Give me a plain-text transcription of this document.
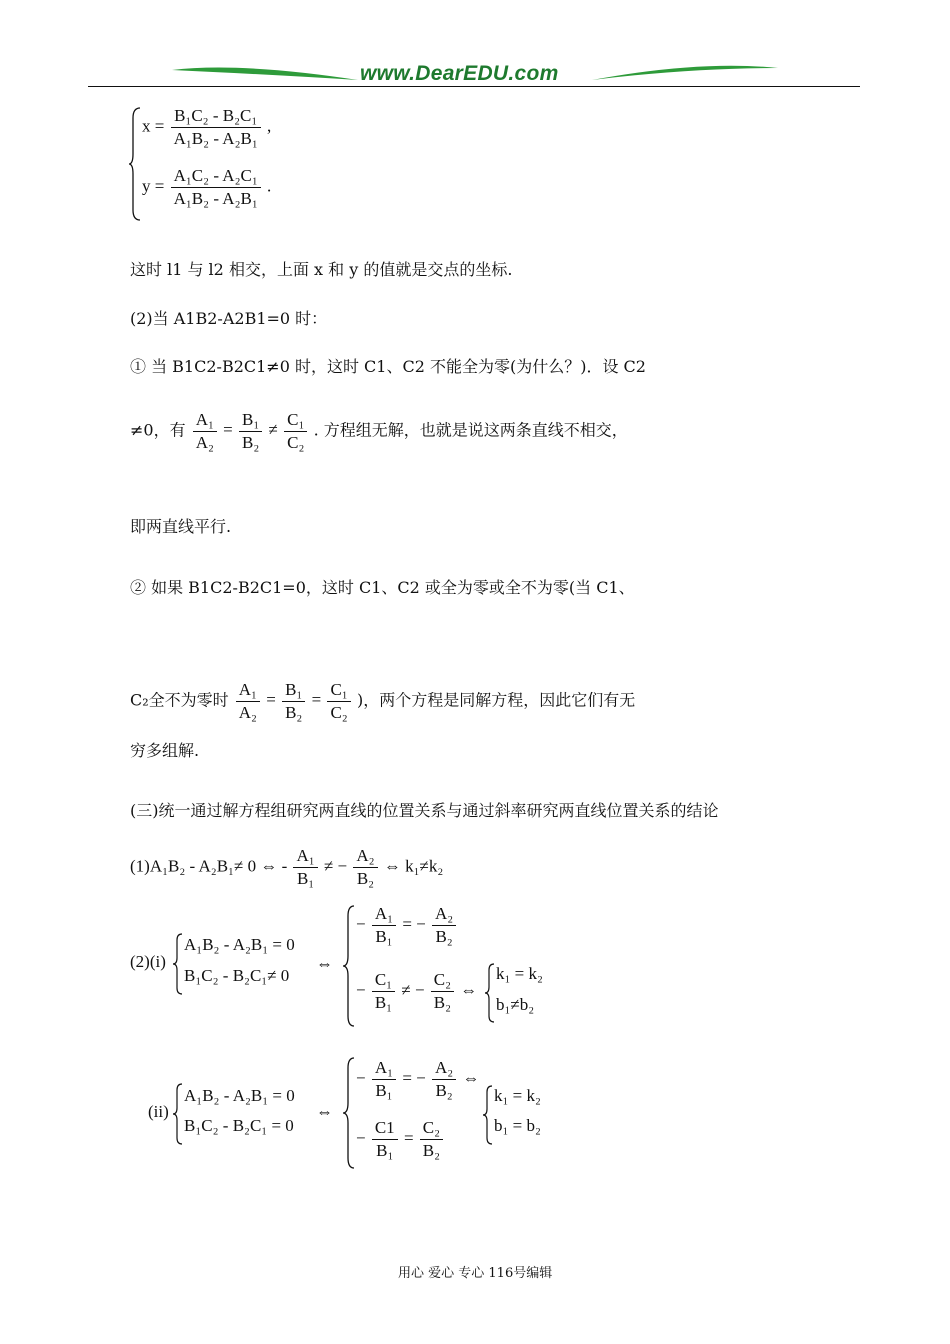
www.DearEDU.com
$x = \frac{\text{B₁C₂ - B₂C₁}}{\text{A₁B₂ - A₂B₁}}$ ,
$y = \frac{\text{A₁C₂ - A₂C₁}}{\text{A₁B₂ - A₂B₁}}$ .
这时 l1 与 l2 相交，上面 x 和 y 的值就是交点的坐标.
(2)当 A1B2-A2B1=0 时：
① 当 B1C2-B2C1≠0 时，这时 C1、C2 不能全为零(为什么？)．设 C2
≠0，有 $\frac{\text{A₁}}{\text{A₂}} = \frac{\text{B₁}}{\text{B₂}} \ne \frac{\text{C₁}}{\text{C₂}}$ . 方程组无解，也就是说这两条直线不相交，
即两直线平行.
② 如果 B1C2-B2C1=0，这时 C1、C2 或全为零或全不为零(当 C1、
C₂全不为零时 $\frac{\text{A₁}}{\text{A₂}} = \frac{\text{B₁}}{\text{B₂}} = \frac{\text{C₁}}{\text{C₂}}$ )，两个方程是同解方程，因此它们有无
穷多组解.
(三)统一通过解方程组研究两直线的位置关系与通过斜率研究两直线位置关系的结论
(1)A₁B₂ - A₂B₁≠ 0 ⇔ - $\frac{\text{A₁}}{\text{B₁}}$ ≠ − $\frac{\text{A₂}}{\text{B₂}}$ ⇔ k₁≠k₂
(2)(i)
A₁B₂ - A₂B₁ = 0
B₁C₂ - B₂C₁≠ 0
⇔
− $\frac{\text{A₁}}{\text{B₁}}$ = − $\frac{\text{A₂}}{\text{B₂}}$
− $\frac{\text{C₁}}{\text{B₁}}$ ≠ − $\frac{\text{C₂}}{\text{B₂}}$ ⇔
k₁ = k₂
b₁≠b₂
(ii)
A₁B₂ - A₂B₁ = 0
B₁C₂ - B₂C₁ = 0
⇔
− $\frac{\text{A₁}}{\text{B₁}}$ = − $\frac{\text{A₂}}{\text{B₂}}$ ⇔
− $\frac{C1}{\text{B₁}} = \frac{\text{C₂}}{\text{B₂}}$
k₁ = k₂
b₁ = b₂
用心 爱心 专心 116号编辑
